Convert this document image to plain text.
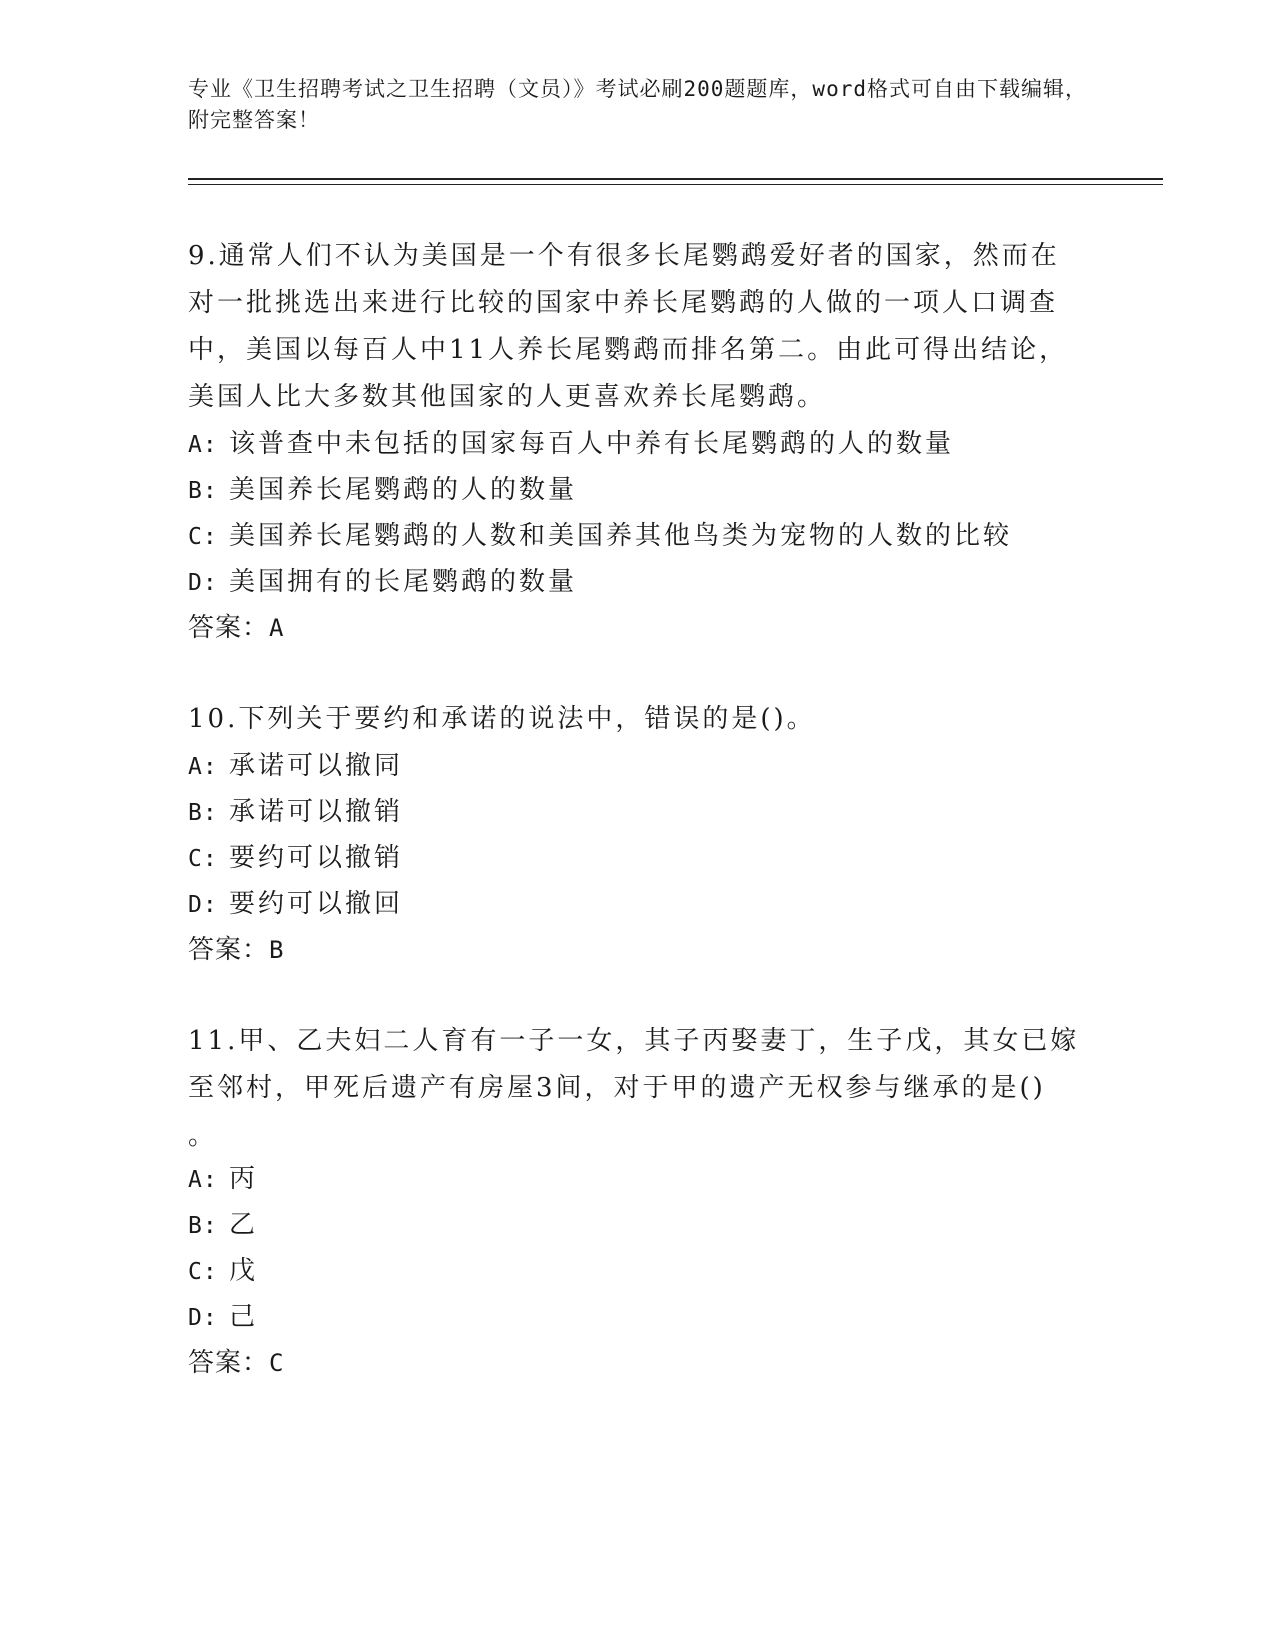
专业《卫生招聘考试之卫生招聘（文员）》考试必刷200题题库，word格式可自由下载编辑，附完整答案！

9.通常人们不认为美国是一个有很多长尾鹦鹉爱好者的国家，然而在对一批挑选出来进行比较的国家中养长尾鹦鹉的人做的一项人口调查中，美国以每百人中11人养长尾鹦鹉而排名第二。由此可得出结论，美国人比大多数其他国家的人更喜欢养长尾鹦鹉。

A: 该普查中未包括的国家每百人中养有长尾鹦鹉的人的数量

B: 美国养长尾鹦鹉的人的数量

C: 美国养长尾鹦鹉的人数和美国养其他鸟类为宠物的人数的比较

D: 美国拥有的长尾鹦鹉的数量

答案：A

10.下列关于要约和承诺的说法中，错误的是()。

A: 承诺可以撤同

B: 承诺可以撤销

C: 要约可以撤销

D: 要约可以撤回

答案：B

11.甲、乙夫妇二人育有一子一女，其子丙娶妻丁，生子戊，其女已嫁至邻村，甲死后遗产有房屋3间，对于甲的遗产无权参与继承的是()
。

A: 丙

B: 乙

C: 戊

D: 己

答案：C
